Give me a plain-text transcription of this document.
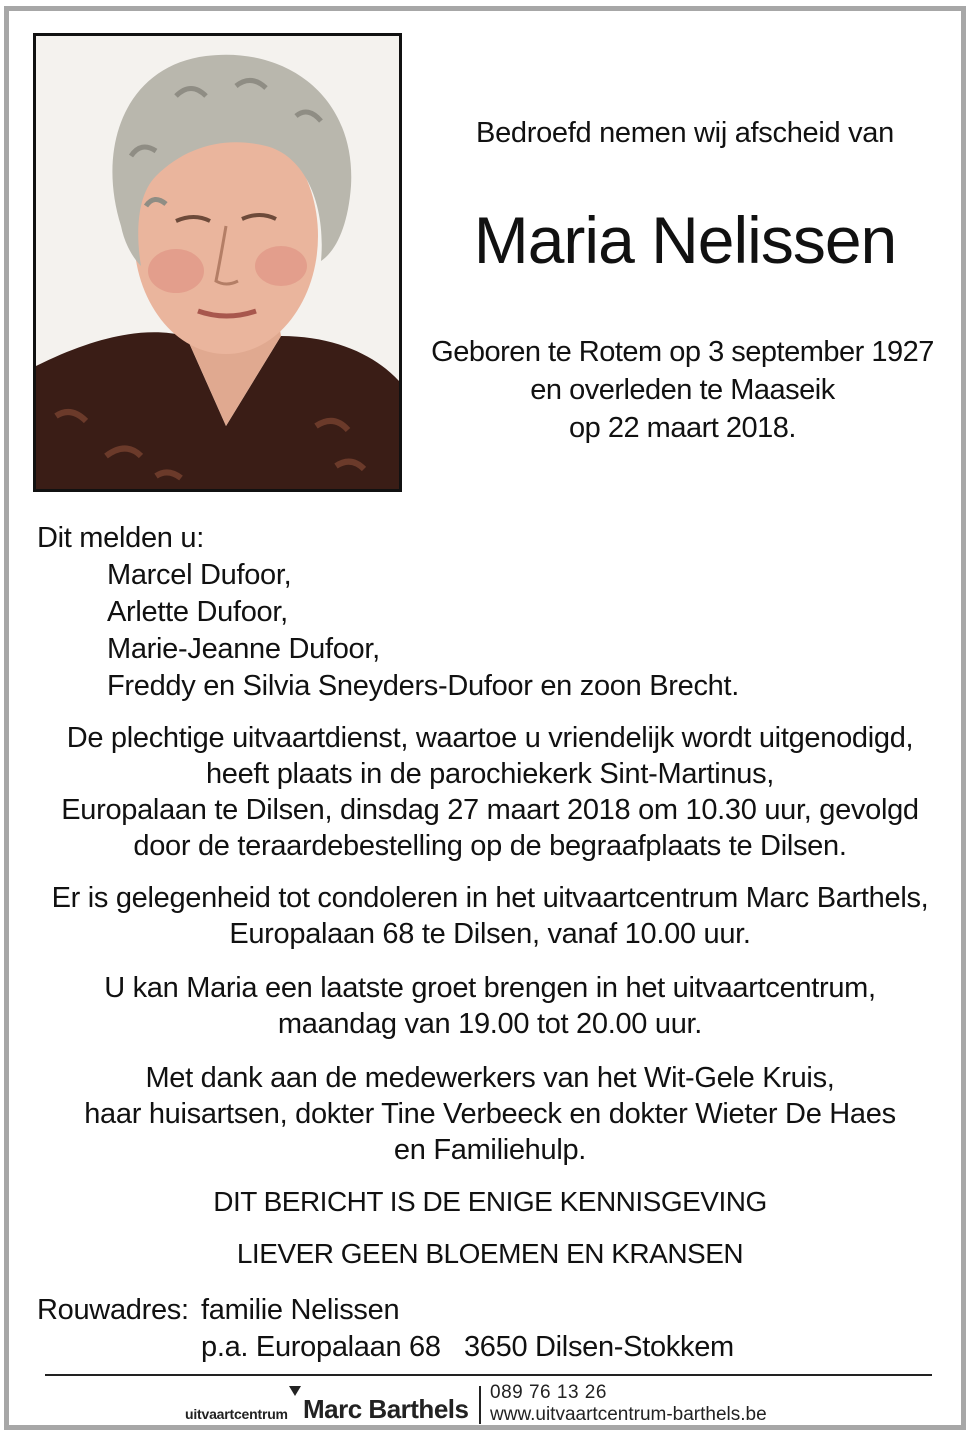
Bedroefd nemen wij afscheid van
Maria Nelissen
Geboren te Rotem op 3 september 1927
en overleden te Maaseik
op 22 maart 2018.
Dit melden u:
Marcel Dufoor,
Arlette Dufoor,
Marie-Jeanne Dufoor,
Freddy en Silvia Sneyders-Dufoor en zoon Brecht.
De plechtige uitvaartdienst, waartoe u vriendelijk wordt uitgenodigd,
heeft plaats in de parochiekerk Sint-Martinus,
Europalaan te Dilsen, dinsdag 27 maart 2018 om 10.30 uur, gevolgd
door de teraardebestelling op de begraafplaats te Dilsen.
Er is gelegenheid tot condoleren in het uitvaartcentrum Marc Barthels,
Europalaan 68 te Dilsen, vanaf 10.00 uur.
U kan Maria een laatste groet brengen in het uitvaartcentrum,
maandag van 19.00 tot 20.00 uur.
Met dank aan de medewerkers van het Wit-Gele Kruis,
haar huisartsen, dokter Tine Verbeeck en dokter Wieter De Haes
en Familiehulp.
DIT BERICHT IS DE ENIGE KENNISGEVING
LIEVER GEEN BLOEMEN EN KRANSEN
Rouwadres: familie Nelissen
p.a. Europalaan 68   3650 Dilsen-Stokkem
uitvaartcentrum Marc Barthels
089 76 13 26
www.uitvaartcentrum-barthels.be
